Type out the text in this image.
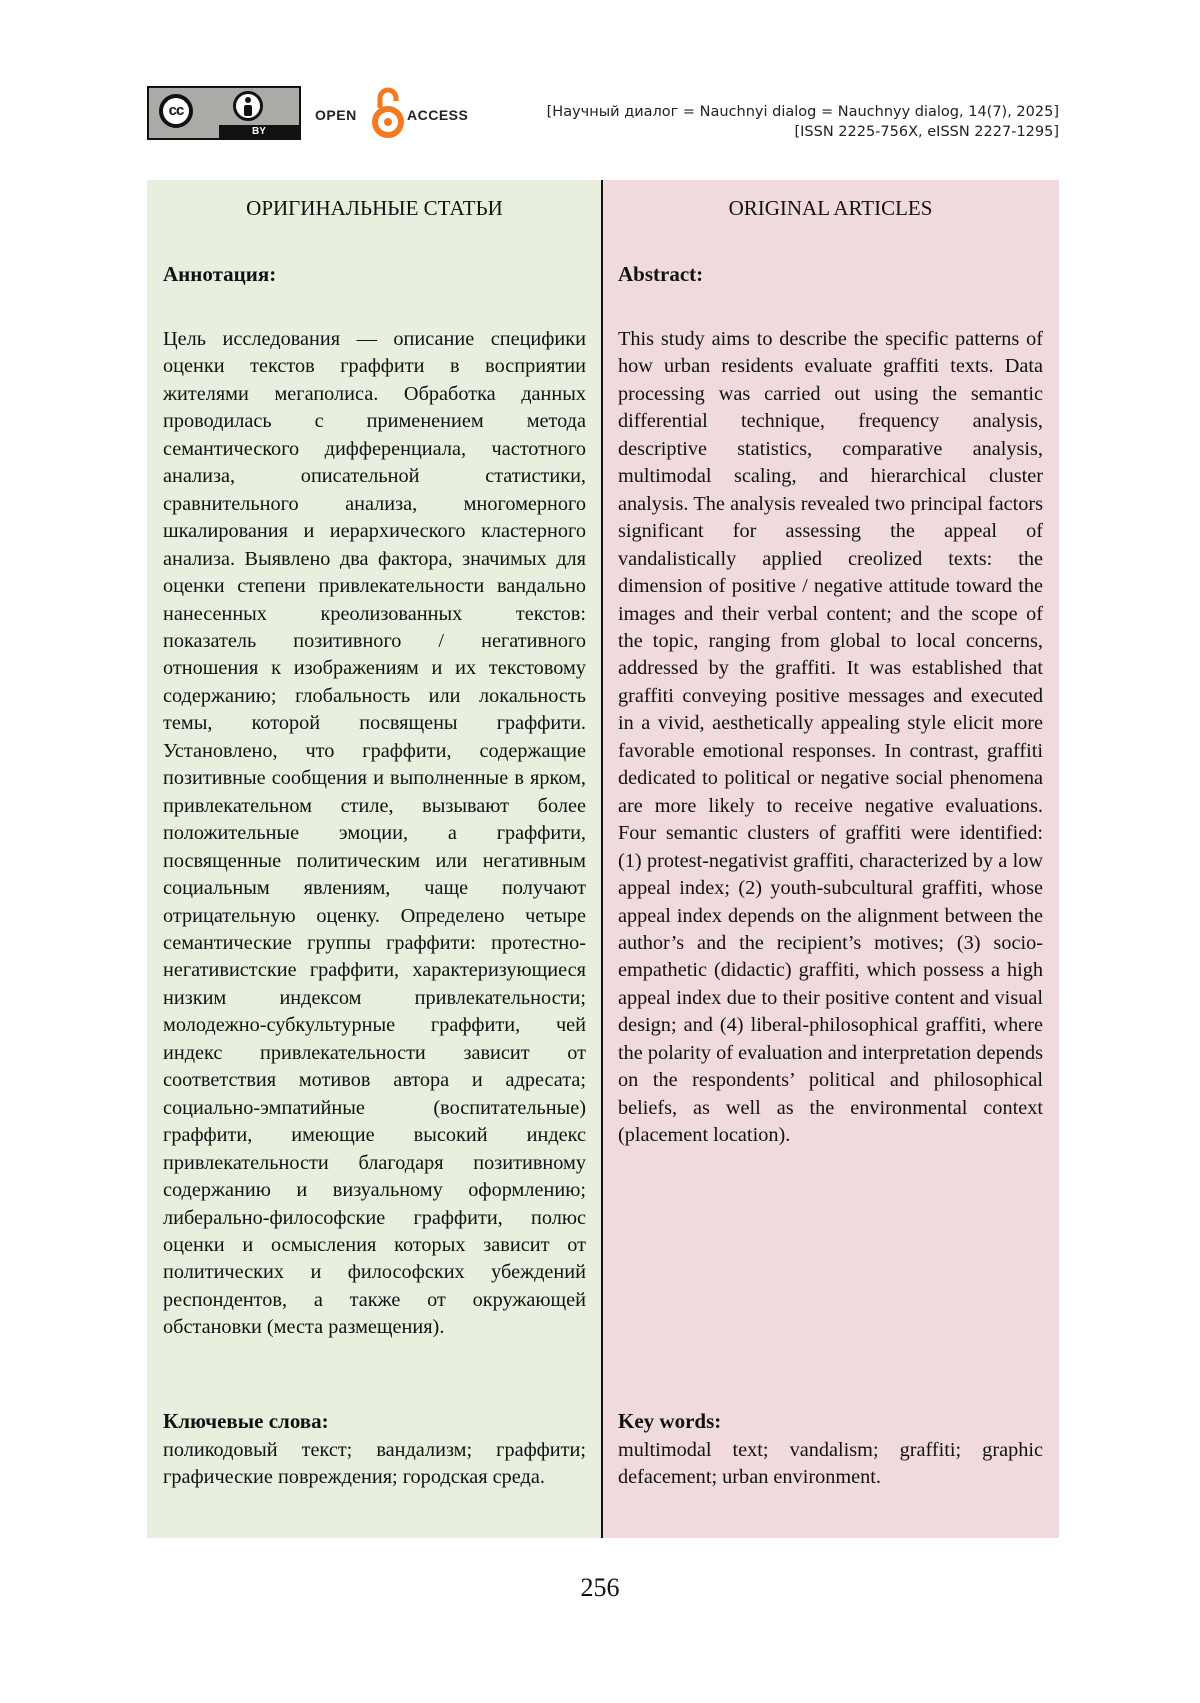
cc
BY
OPEN	ACCESS	[Научный диалог = Nauchnyi dialog = Nauchnyy dialog, 14(7), 2025]
[ISSN 2225-756X, eISSN 2227-1295]
ОРИГИНАЛЬНЫЕ СТАТЬИ
Аннотация:
Цель исследования — описание специфики оценки текстов граффити в восприятии жителями мегаполиса. Обработка данных проводилась с применением метода семантического дифференциала, частотного анализа, описательной статистики, сравнительного анализа, многомерного шкалирования и иерархического кластерного анализа. Выявлено два фактора, значимых для оценки степени привлекательности вандально нанесенных креолизованных текстов: показатель позитивного / негативного отношения к изображениям и их текстовому содержанию; глобальность или локальность темы, которой посвящены граффити. Установлено, что граффити, содержащие позитивные сообщения и выполненные в ярком, привлекательном стиле, вызывают более положительные эмоции, а граффити, посвященные политическим или негативным социальным явлениям, чаще получают отрицательную оценку. Определено четыре семантические группы граффити: протестно-негативистские граффити, характеризующиеся низким индексом привлекательности; молодежно-субкультурные граффити, чей индекс привлекательности зависит от соответствия мотивов автора и адресата; социально-эмпатийные (воспитательные) граффити, имеющие высокий индекс привлекательности благодаря позитивному содержанию и визуальному оформлению; либерально-философские граффити, полюс оценки и осмысления которых зависит от политических и философских убеждений респондентов, а также от окружающей обстановки (места размещения).
Ключевые слова:
поликодовый текст; вандализм; граффити; графические повреждения; городская среда.
ORIGINAL ARTICLES
Abstract:
This study aims to describe the specific patterns of how urban residents evaluate graffiti texts. Data processing was carried out using the semantic differential technique, frequency analysis, descriptive statistics, comparative analysis, multimodal scaling, and hierarchical cluster analysis. The analysis revealed two principal factors significant for assessing the appeal of vandalistically applied creolized texts: the dimension of positive / negative attitude toward the images and their verbal content; and the scope of the topic, ranging from global to local concerns, addressed by the graffiti. It was established that graffiti conveying positive messages and executed in a vivid, aesthetically appealing style elicit more favorable emotional responses. In contrast, graffiti dedicated to political or negative social phenomena are more likely to receive negative evaluations. Four semantic clusters of graffiti were identified: (1) protest-negativist graffiti, characterized by a low appeal index; (2) youth-subcultural graffiti, whose appeal index depends on the alignment between the author’s and the recipient’s motives; (3) socio-empathetic (didactic) graffiti, which possess a high appeal index due to their positive content and visual design; and (4) liberal-philosophical graffiti, where the polarity of evaluation and interpretation depends on the respondents’ political and philosophical beliefs, as well as the environmental context (placement location).
Key words:
multimodal text; vandalism; graffiti; graphic defacement; urban environment.
256
